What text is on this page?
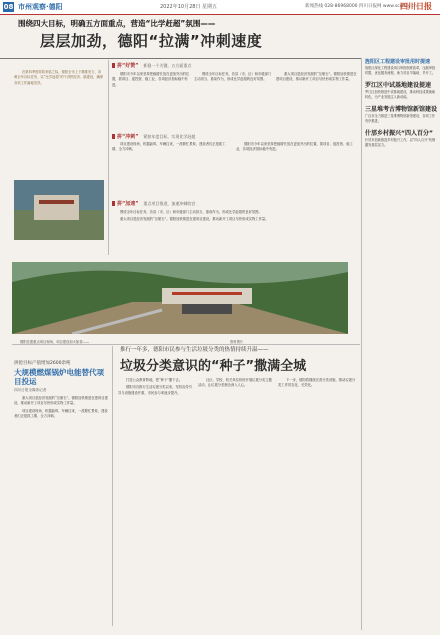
08 市州观察·德阳	2022年10月28日 星期五	新闻热线 028-86968000 四川日报网 www.scdaily.cn
四川日报
围绕四大目标，明确五方面重点，营造“比学赶超”氛围——
层层加劲，德阳“拉满”冲刺速度

在第四季度即将来临之际，德阳全市上下精准发力、冲刺全年目标任务，以“比学赶超”的干劲拼经济、搞建设，确保各项工作落地见效。

拼“好赞” 抓稳一个关键，五方面重点
拼“冲刺” 紧扣年度目标，实现比学赶超
拼“加速” 重点项目推进，加速冲刺收官

德阳市今年以来坚持把稳增长放在更加突出的位置，抓项目、促投资、稳工业，各项经济指标稳中有进。

围绕全年目标任务，各县（市、区）和市级部门主动担当、靠前作为，形成比学赶超的良好氛围。

重大项目是经济发展的“压舱石”。德阳加快推进在建项目建设，推动新开工项目尽快形成实物工作量。

项目建设现场，机器轰鸣、车辆往来，一派繁忙景象，建设者们正抢抓工期、全力冲刺。

德阳市今年以来坚持把稳增长放在更加突出的位置，抓项目、促投资、稳工业，各项经济指标稳中有进。

围绕全年目标任务，各县（市、区）和市级部门主动担当、靠前作为，形成比学赶超的良好氛围。

重大项目是经济发展的“压舱石”。德阳加快推进在建项目建设，推动新开工项目尽快形成实物工作量。

德阳在建重点项目现场，项目建设如火如荼——	资料图片
旌阳区工程建设审批用时提速
旌阳区深化工程建设项目审批制度改革，压缩审批时限，优化服务流程，助力项目早落地、早开工。
罗江区中试基地建设提速
罗江区加快推进中试基地建设，推动科技成果就地转化，为产业发展注入新动能。
三星堆考古博物馆新馆建设
广汉市全力推进三星堆博物馆新馆建设，各项工作有序推进。
什邡乡村振兴“四人百分”
什邡市创新推进乡村振兴工作，以“四人百分”机制激发基层活力。
拼抢目标产值增加2600余吨
大规模燃煤锅炉电能替代项目投运
四川日报全媒体记者

重大项目是经济发展的“压舱石”。德阳加快推进在建项目建设，推动新开工项目尽快形成实物工作量。

项目建设现场，机器轰鸣、车辆往来，一派繁忙景象，建设者们正抢抓工期、全力冲刺。

推行一年多，德阳市民参与生活垃圾分类的热情持续升温——
垃圾分类意识的“种子”撒满全城

打造公众教育阵地，把“种子”撒下去。

德阳市自推行生活垃圾分类以来，坚持宣传引导与设施建设并重，市民参与率逐步提升。

社区、学校、机关单位纷纷开展垃圾分类主题活动，让垃圾分类理念深入人心。

下一步，德阳将继续完善分类设施，推动垃圾分类工作常态化、长效化。
